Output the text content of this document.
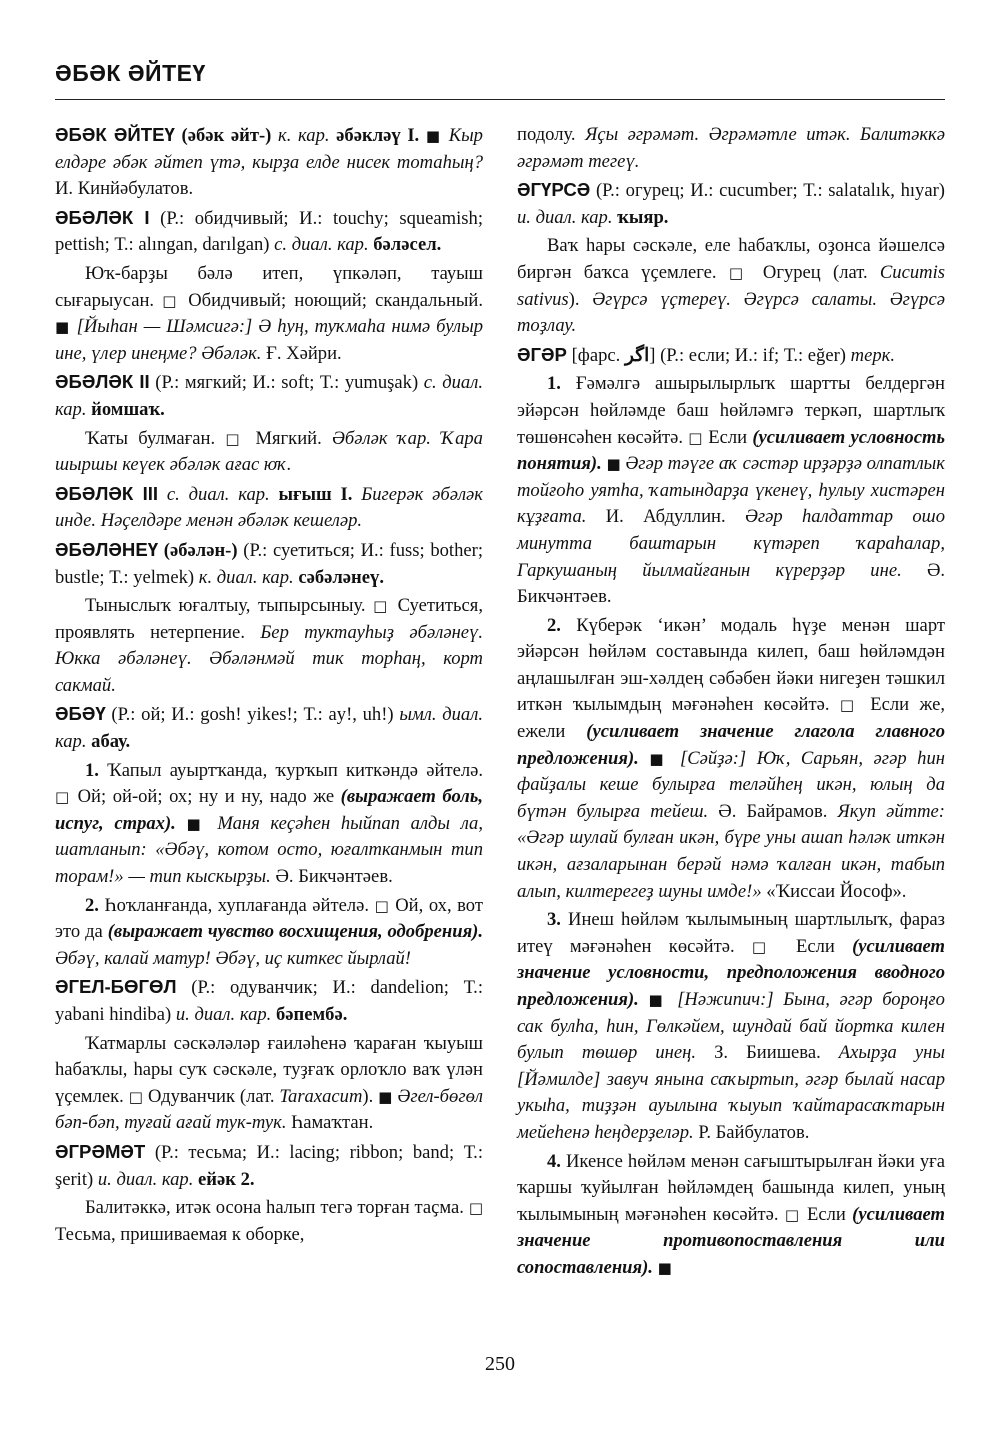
ӘБӘК ӘЙТЕҮ

ӘБӘК ӘЙТЕҮ (әбәк әйт-) к. кар. әбәкләү I. ■ Кыр елдәре әбәк әйтеп үтә, кырҙа елде нисек тотаһың? И. Кинйәбулатов.

ӘБӘЛӘК I (Р.: обидчивый; И.: touchy; squeamish; pettish; Т.: alıngan, darılgan) с. диал. кар. бәләсел.

Юҡ-барҙы бәлә итеп, үпкәләп, тауыш сығарыусан. □ Обидчивый; ноющий; скандальный. ■ [Йыһан — Шәмсигә:] Ә һуң, туҡмаһа нимә булыр ине, үлер инеңме? Әбәләк. Ғ. Хәйри.

ӘБӘЛӘК II (Р.: мягкий; И.: soft; Т.: yumuşak) с. диал. кар. йомшаҡ.

Ҡаты булмаған. □ Мягкий. Әбәләк ҡар. Ҡара шыршы кеүек әбәләк ағас юҡ.

ӘБӘЛӘК III с. диал. кар. ығыш I. Бигерәк әбәләк инде. Нәҫелдәре менән әбәләк кешеләр.

ӘБӘЛӘНЕҮ (әбәлән-) (Р.: суетиться; И.: fuss; bother; bustle; Т.: yelmek) к. диал. кар. сәбәләнеү.

Тыныслыҡ юғалтыу, тыпырсыныу. □ Суетиться, проявлять нетерпение. Бер туктауһыҙ әбәләнеү. Юкка әбәләнеү. Әбәләнмәй тик торһаң, корт сакмай.

ӘБӘҮ (Р.: ой; И.: gosh! yikes!; Т.: ay!, uh!) ымл. диал. кар. абау.

1. Ҡапыл ауыртҡанда, ҡурҡып киткәндә әйтелә. □ Ой; ой-ой; ох; ну и ну, надо же (выражает боль, испуг, страх). ■ Маня кеҫәһен һыйпап алды ла, шатланып: «Әбәү, котом осто, юғалтканмын тип торам!» — тип кыскырҙы. Ә. Бикчәнтәев.

2. Һоҡланғанда, хуплағанда әйтелә. □ Ой, ох, вот это да (выражает чувство восхищения, одобрения). Әбәү, калай матур! Әбәү, иҫ киткес йырлай!

ӘГЕЛ-БӨГӨЛ (Р.: одуванчик; И.: dandelion; Т.: yabani hindiba) и. диал. кар. бәпембә.

Ҡатмарлы сәскәләләр ғаиләһенә ҡараған ҡыуыш һабаҡлы, һары суҡ сәскәле, туҙғаҡ орлоҡло ваҡ үлән үҫемлек. □ Одуванчик (лат. Taraxacum). ■ Әгел-бөгөл бәп-бәп, туғай ағай тук-тук. Һамаҡтан.

ӘГРӘМӘТ (Р.: тесьма; И.: lacing; ribbon; band; Т.: şerit) и. диал. кар. ейәк 2.

Балитәккә, итәк осона һалып тегә торған таҫма. □ Тесьма, пришиваемая к оборке,

подолу. Яҫы әгрәмәт. Әгрәмәтле итәк. Балитәккә әгрәмәт тегеү.

ӘГҮРСӘ (Р.: огурец; И.: cucumber; Т.: salatalık, hıyar) и. диал. кар. ҡыяр.

Ваҡ һары сәскәле, еле һабаҡлы, оҙонса йәшелсә биргән баҡса үҫемлеге. □ Огурец (лат. Cucumis sativus). Әгүрсә үҫтереү. Әгүрсә салаты. Әгүрсә тоҙлау.

ӘГӘР [фарс. اگر] (Р.: если; И.: if; Т.: eğer) терк.

1. Ғәмәлгә ашырылырлыҡ шартты белдергән эйәрсән һөйләмде баш һөйләмгә теркәп, шартлыҡ төшөнсәһен көсәйтә. □ Если (усиливает условность понятия). ■ Әгәр тәүге аҡ сәстәр ирҙәрҙә олпатлык тойғоһо уятһа, ҡатындарҙа үкенеү, һулыу хистәрен кұҙғата. И. Абдуллин. Әгәр һалдаттар ошо минутта баштарын күтәреп ҡараһалар, Гаркушаның йылмайғанын күрерҙәр ине. Ә. Бикчәнтәев.

2. Күберәк ‘икән’ модаль һүҙе менән шарт эйәрсән һөйләм составында килеп, баш һөйләмдән аңлашылған эш-хәлдең сәбәбен йәки нигеҙен тәшкил иткән ҡылымдың мәғәнәһен көсәйтә. □ Если же, ежели (усиливает значение глагола главного предложения). ■ [Сәйҙә:] Юҡ, Сарьян, әгәр һин файҙалы кеше булырға теләйһең икән, юлың да бүтән булырға тейеш. Ә. Байрамов. Якуп әйтте: «Әгәр шулай булған икән, бүре уны ашап һәләк иткән икән, ағзаларынан берәй нәмә ҡалған икән, табып алып, килтерегеҙ шуны имде!» «Ҡиссаи Йософ».

3. Инеш һөйләм ҡылымының шартлылыҡ, фараз итеү мәғәнәһен көсәйтә. □ Если (усиливает значение условности, предположения вводного предложения). ■ [Нәжипич:] Бына, әгәр бороңғо сак булһа, һин, Гөлкәйем, шундай бай йортка килен булып төшөр инең. З. Биишева. Ахырҙа уны [Йәмилде] завуч янына саҡыртып, әгәр былай насар укыһа, тиҙҙән ауылына ҡыуып ҡайтарасаҡтарын мейеһенә һеңдерҙеләр. Р. Байбулатов.

4. Икенсе һөйләм менән сағыштырылған йәки уға ҡаршы ҡуйылған һөйләмдең башында килеп, уның ҡылымының мәғәнәһен көсәйтә. □ Если (усиливает значение противопоставления или сопоставления). ■

250
